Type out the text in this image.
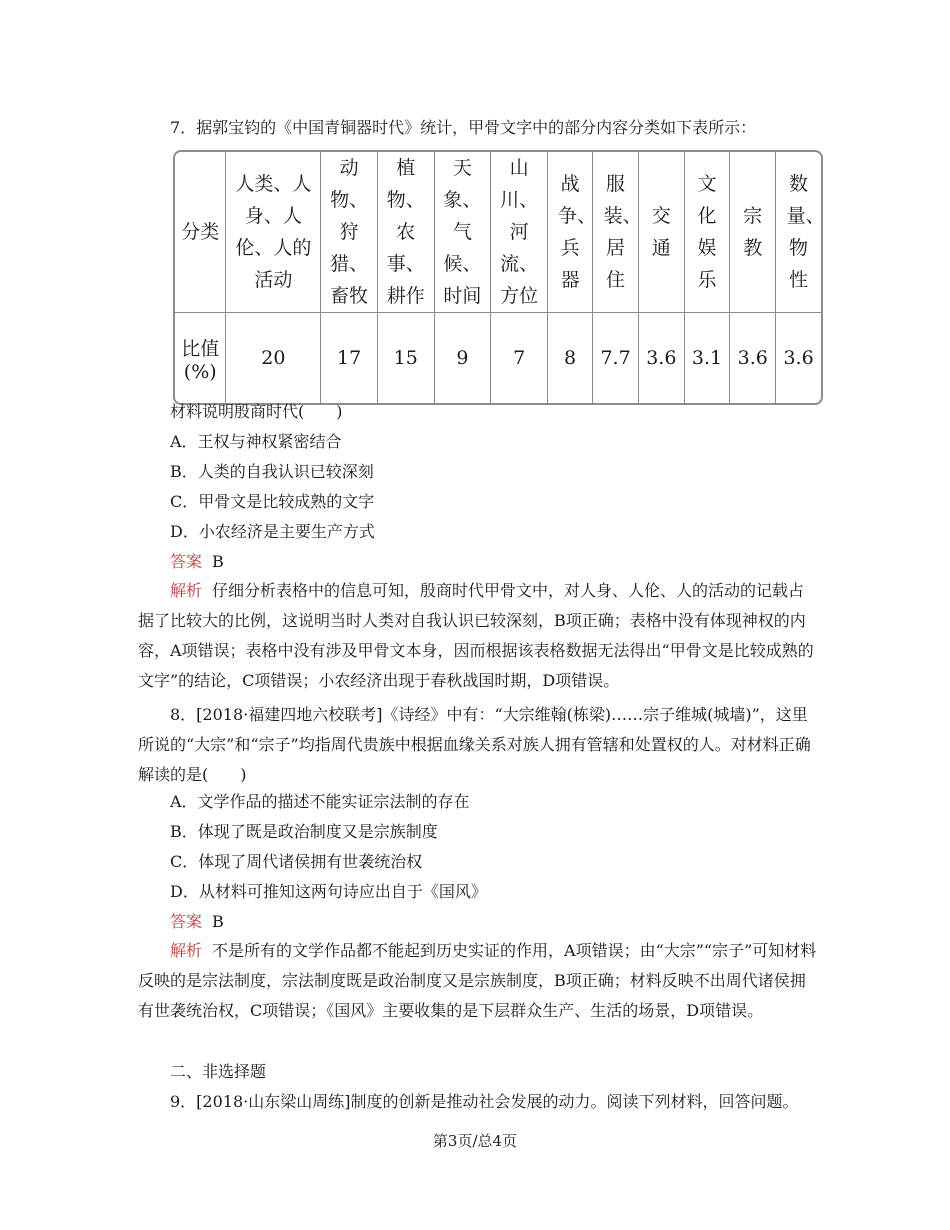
7．据郭宝钧的《中国青铜器时代》统计，甲骨文字中的部分内容分类如下表所示：
分类	人类、人身、人伦、人的活动	动物、狩猎、畜牧	植物、农事、耕作	天象、气候、时间	山川、河流、方位	战争、兵器	服装、居住	交通	文化娱乐	宗教	数量、物性

比值
(%)	20	17	15	9	7	8	7.7	3.6	3.1	3.6	3.6
材料说明殷商时代(　　)
A．王权与神权紧密结合
B．人类的自我认识已较深刻
C．甲骨文是比较成熟的文字
D．小农经济是主要生产方式
答案 B

解析 仔细分析表格中的信息可知，殷商时代甲骨文中，对人身、人伦、人的活动的记载占据了比较大的比例，这说明当时人类对自我认识已较深刻，B项正确；表格中没有体现神权的内容，A项错误；表格中没有涉及甲骨文本身，因而根据该表格数据无法得出“甲骨文是比较成熟的文字”的结论，C项错误；小农经济出现于春秋战国时期，D项错误。

8．[2018·福建四地六校联考]《诗经》中有：“大宗维翰(栋梁)……宗子维城(城墙)”，这里所说的“大宗”和“宗子”均指周代贵族中根据血缘关系对族人拥有管辖和处置权的人。对材料正确解读的是(　　)

A．文学作品的描述不能实证宗法制的存在
B．体现了既是政治制度又是宗族制度
C．体现了周代诸侯拥有世袭统治权
D．从材料可推知这两句诗应出自于《国风》
答案 B

解析 不是所有的文学作品都不能起到历史实证的作用，A项错误；由“大宗”“宗子”可知材料反映的是宗法制度，宗法制度既是政治制度又是宗族制度，B项正确；材料反映不出周代诸侯拥有世袭统治权，C项错误；《国风》主要收集的是下层群众生产、生活的场景，D项错误。

二、非选择题
9．[2018·山东梁山周练]制度的创新是推动社会发展的动力。阅读下列材料，回答问题。
第3页/总4页
